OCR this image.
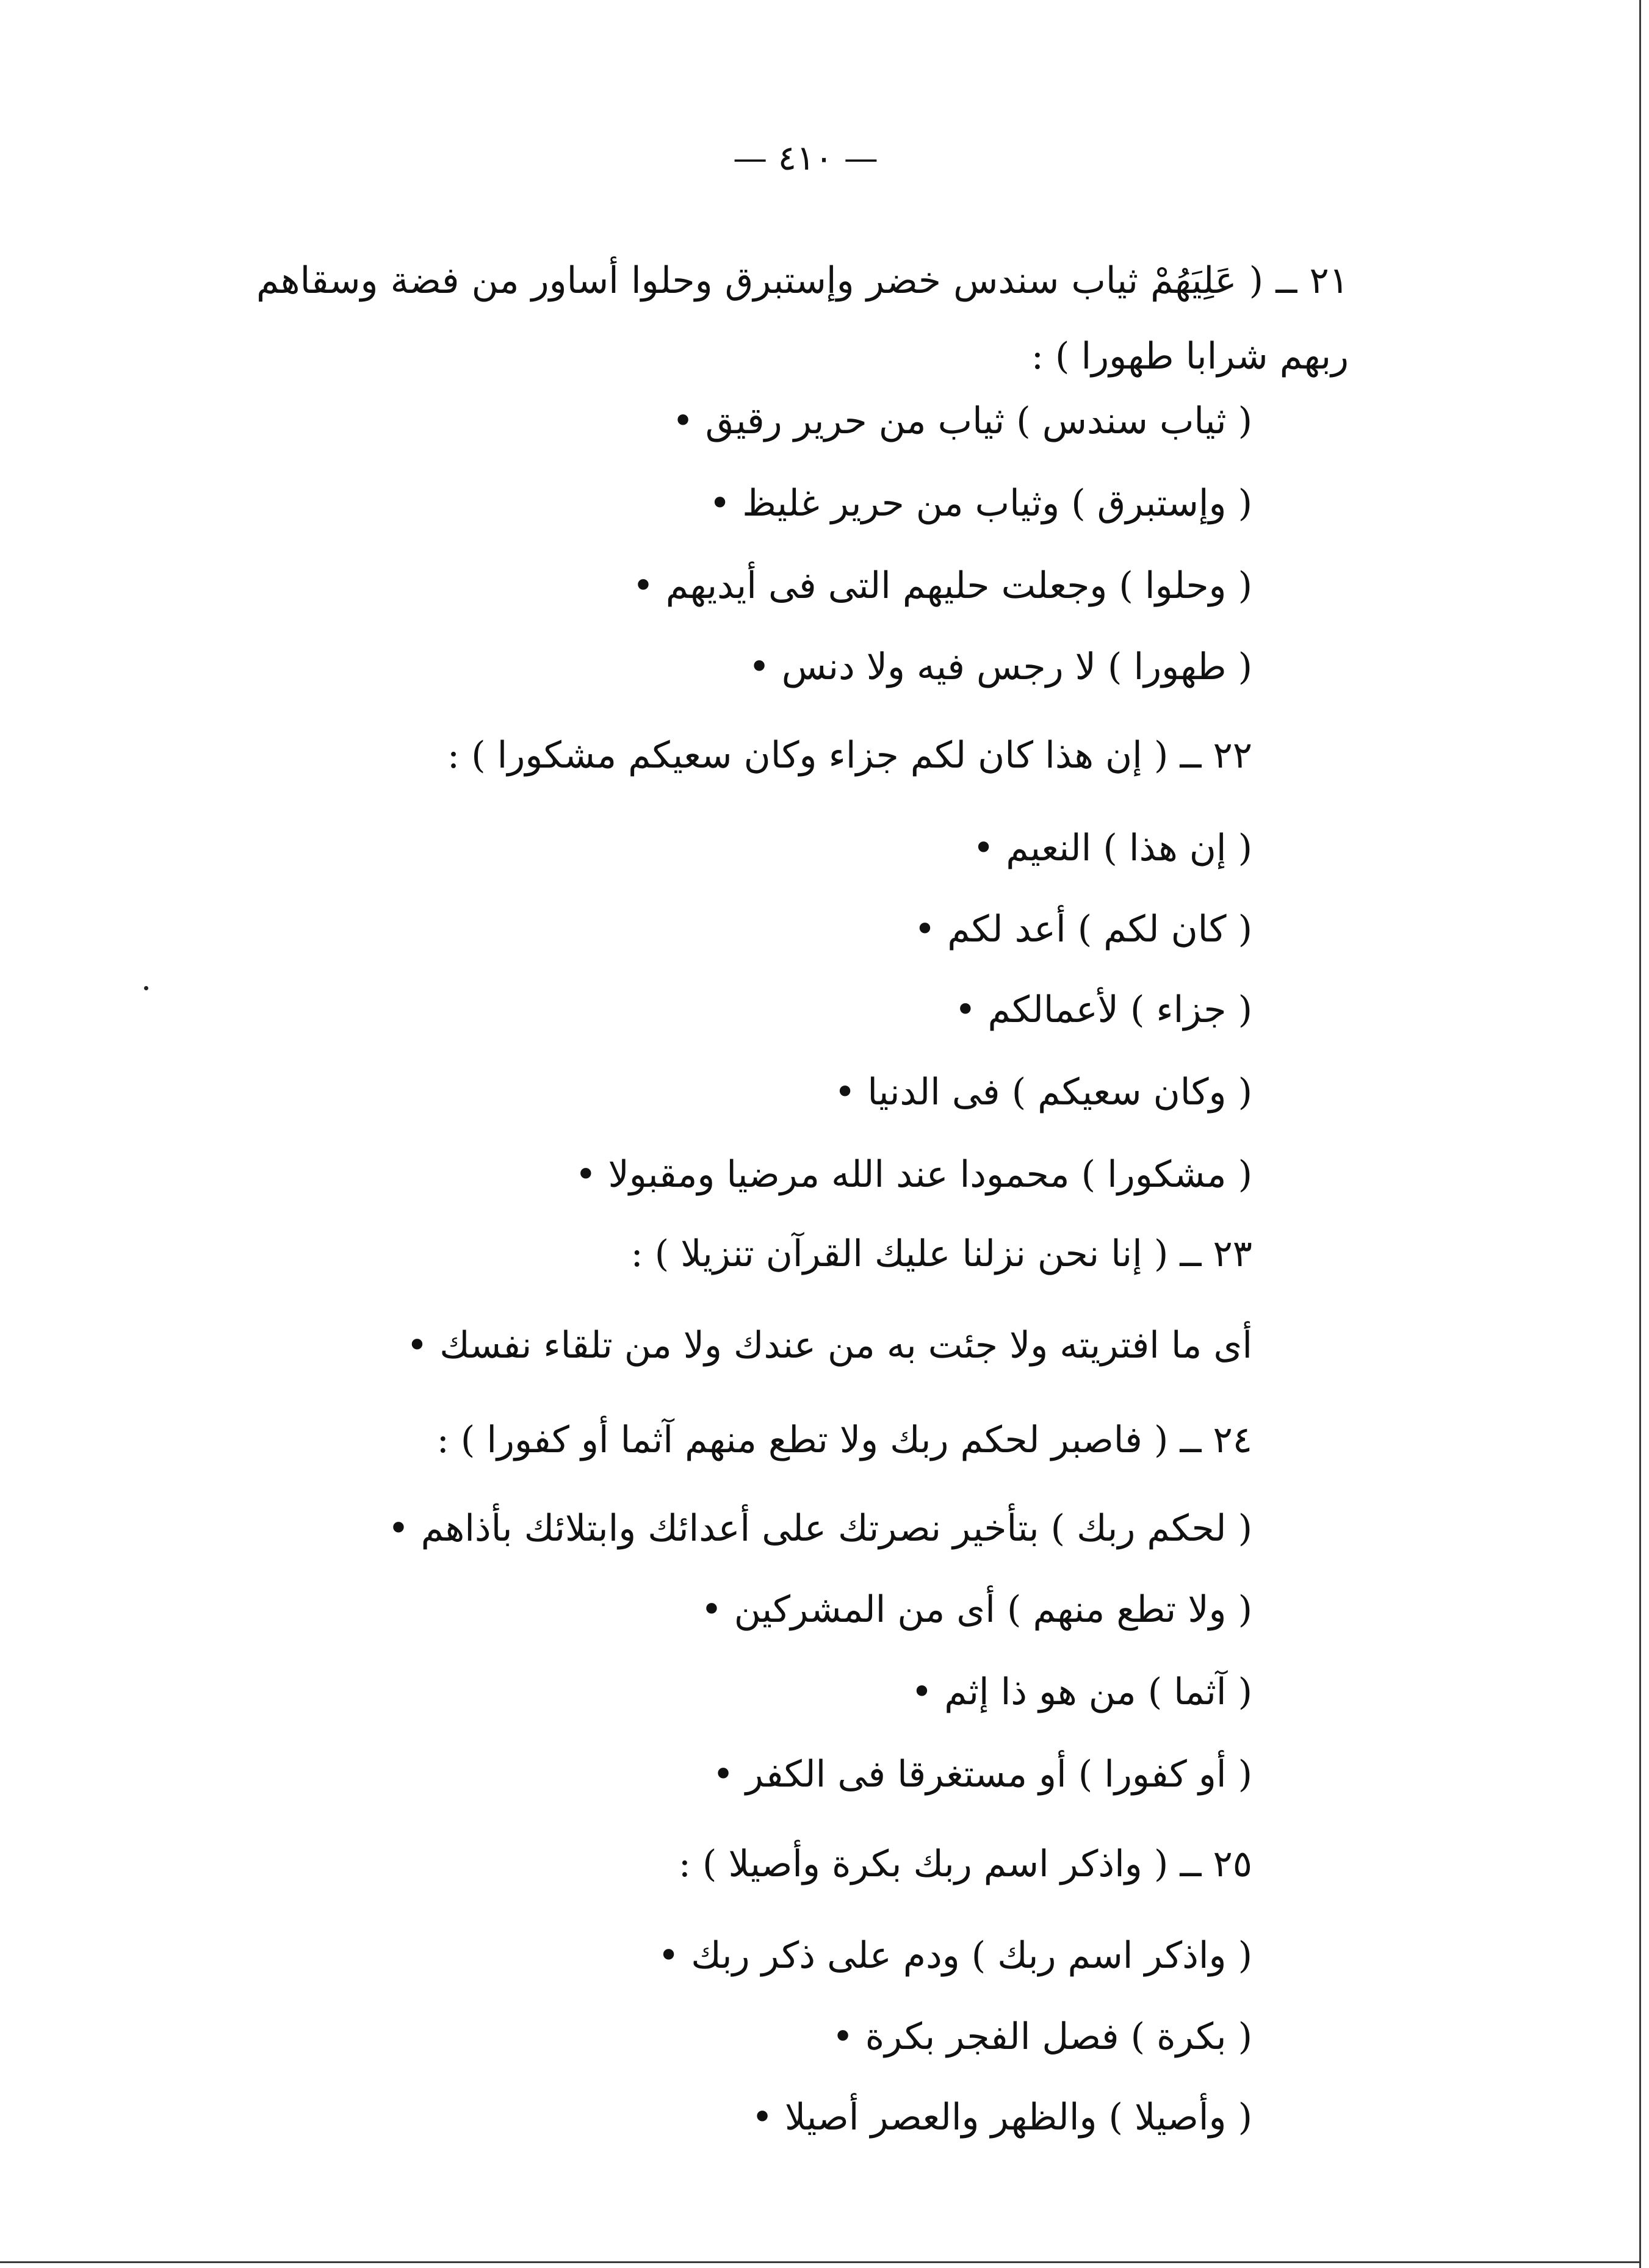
— ٤١٠ —
٢١ ــ ( عَلِيَهُمْ ثياب سندس خضر وإستبرق وحلوا أساور من فضة وسقاهم ربهم شرابا طهورا ) :
( ثياب سندس ) ثياب من حرير رقيق •
( وإستبرق ) وثياب من حرير غليظ •
( وحلوا ) وجعلت حليهم التى فى أيديهم •
( طهورا ) لا رجس فيه ولا دنس •
٢٢ ــ ( إن هذا كان لكم جزاء وكان سعيكم مشكورا ) :
( إن هذا ) النعيم •
( كان لكم ) أعد لكم •
( جزاء ) لأعمالكم •
( وكان سعيكم ) فى الدنيا •
( مشكورا ) محمودا عند الله مرضيا ومقبولا •
٢٣ ــ ( إنا نحن نزلنا عليك القرآن تنزيلا ) :
أى ما افتريته ولا جئت به من عندك ولا من تلقاء نفسك •
٢٤ ــ ( فاصبر لحكم ربك ولا تطع منهم آثما أو كفورا ) :
( لحكم ربك ) بتأخير نصرتك على أعدائك وابتلائك بأذاهم •
( ولا تطع منهم ) أى من المشركين •
( آثما ) من هو ذا إثم •
( أو كفورا ) أو مستغرقا فى الكفر •
٢٥ ــ ( واذكر اسم ربك بكرة وأصيلا ) :
( واذكر اسم ربك ) ودم على ذكر ربك •
( بكرة ) فصل الفجر بكرة •
( وأصيلا ) والظهر والعصر أصيلا •
